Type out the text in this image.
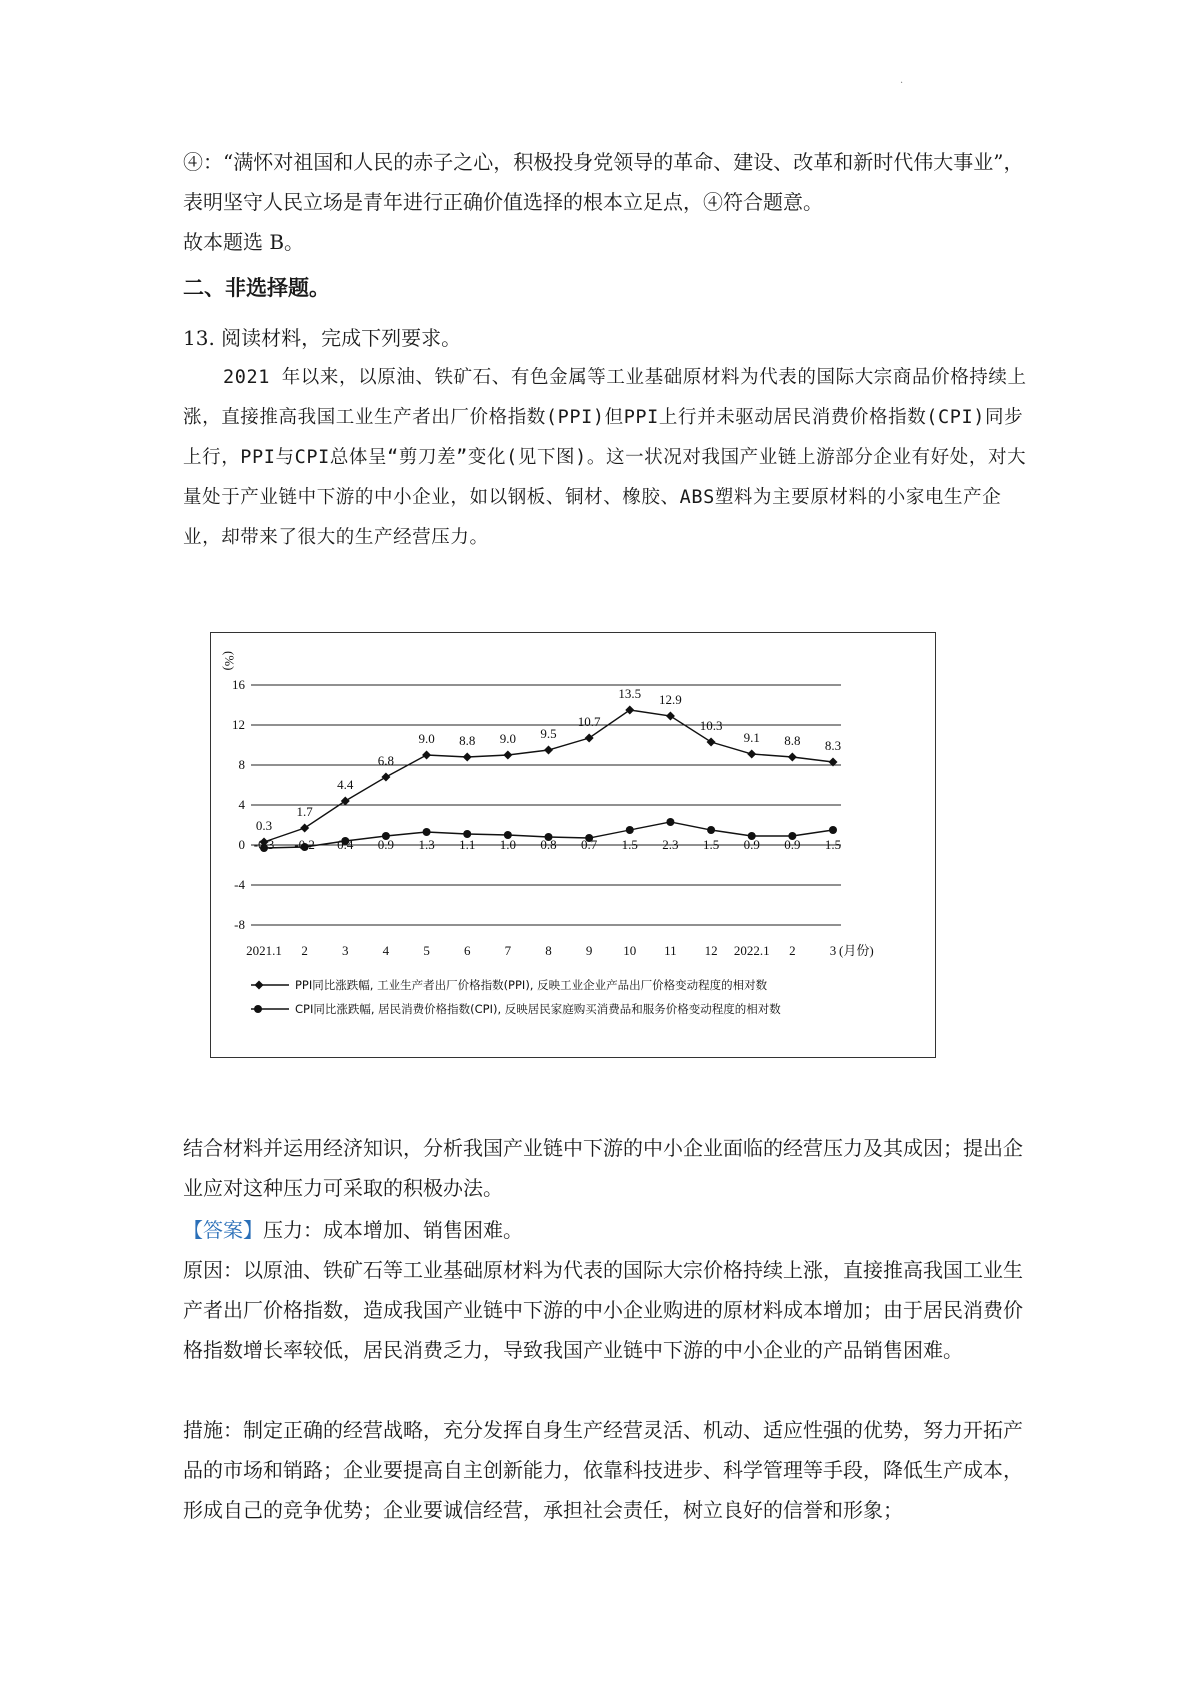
·

④：“满怀对祖国和人民的赤子之心，积极投身党领导的革命、建设、改革和新时代伟大事业”，表明坚守人民立场是青年进行正确价值选择的根本立足点，④符合题意。

故本题选 B。

二、非选择题。

13. 阅读材料，完成下列要求。

2021 年以来，以原油、铁矿石、有色金属等工业基础原材料为代表的国际大宗商品价格持续上涨，直接推高我国工业生产者出厂价格指数(PPI)但PPI上行并未驱动居民消费价格指数(CPI)同步上行，PPI与CPI总体呈“剪刀差”变化(见下图)。这一状况对我国产业链上游部分企业有好处，对大量处于产业链中下游的中小企业，如以钢板、铜材、橡胶、ABS塑料为主要原材料的小家电生产企业，却带来了很大的生产经营压力。

(%)
16
12
8
4
0
-4
-8
2021.1 2	3	4	5	6	7	8	9 10 11 12 2022.1 2	3 (月份)
0.3
1.7
4.4
6.8
9.0 8.8 9.0 9.5
10.7
13.5 12.9
10.3
9.1 8.8 8.3
-0.3 -0.2 0.4 0.9 1.3 1.1 1.0 0.8 0.7 1.5 2.3 1.5 0.9 0.9 1.5
PPI同比涨跌幅, 工业生产者出厂价格指数(PPI), 反映工业企业产品出厂价格变动程度的相对数
CPI同比涨跌幅, 居民消费价格指数(CPI), 反映居民家庭购买消费品和服务价格变动程度的相对数

结合材料并运用经济知识，分析我国产业链中下游的中小企业面临的经营压力及其成因；提出企业应对这种压力可采取的积极办法。

【答案】压力：成本增加、销售困难。

原因：以原油、铁矿石等工业基础原材料为代表的国际大宗价格持续上涨，直接推高我国工业生产者出厂价格指数，造成我国产业链中下游的中小企业购进的原材料成本增加；由于居民消费价格指数增长率较低，居民消费乏力，导致我国产业链中下游的中小企业的产品销售困难。

措施：制定正确的经营战略，充分发挥自身生产经营灵活、机动、适应性强的优势，努力开拓产品的市场和销路；企业要提高自主创新能力，依靠科技进步、科学管理等手段，降低生产成本，形成自己的竞争优势；企业要诚信经营，承担社会责任，树立良好的信誉和形象；
